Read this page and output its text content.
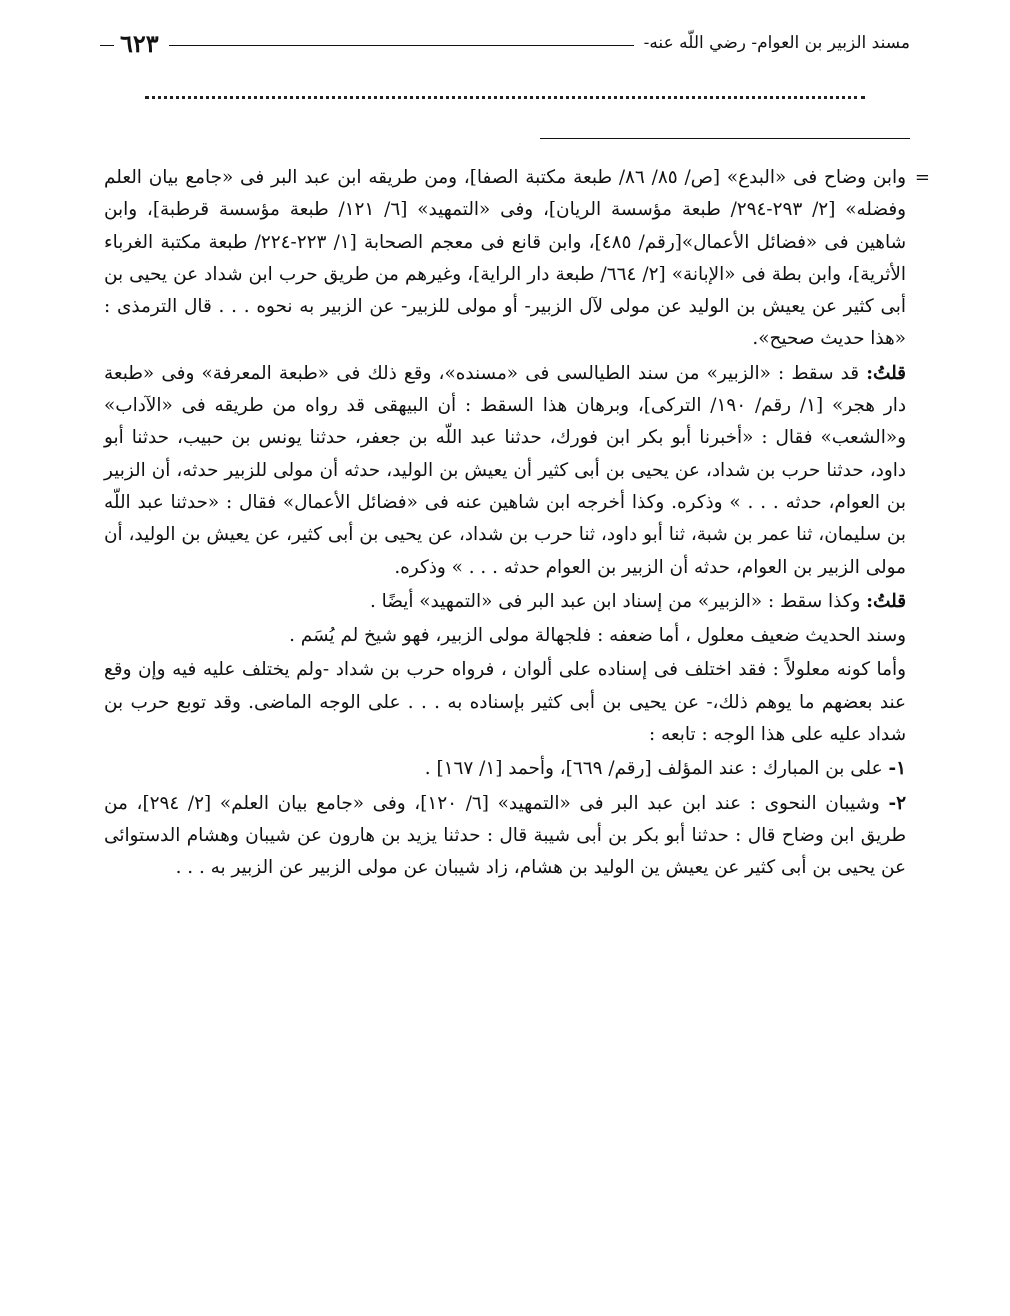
مسند الزبير بن العوام- رضي اللّه عنه-
٦٢٣

=
وابن وضاح فى «البدع» [ص/ ٨٥/ ٨٦/ طبعة مكتبة الصفا]، ومن طريقه ابن عبد البر فى «جامع بيان العلم وفضله» [٢/ ٢٩٣-٢٩٤/ طبعة مؤسسة الريان]، وفى «التمهيد» [٦/ ١٢١/ طبعة مؤسسة قرطبة]، وابن شاهين فى «فضائل الأعمال»[رقم/ ٤٨٥]، وابن قانع فى معجم الصحابة [١/ ٢٢٣-٢٢٤/ طبعة مكتبة الغرباء الأثرية]، وابن بطة فى «الإبانة» [٢/ ٦٦٤/ طبعة دار الراية]، وغيرهم من طريق حرب ابن شداد عن يحيى بن أبى كثير عن يعيش بن الوليد عن مولى لآل الزبير- أو مولى للزبير- عن الزبير به نحوه . . . قال الترمذى : «هذا حديث صحيح».

قلتُ: قد سقط : «الزبير» من سند الطيالسى فى «مسنده»، وقع ذلك فى «طبعة المعرفة» وفى «طبعة دار هجر» [١/ رقم/ ١٩٠/ التركى]، وبرهان هذا السقط : أن البيهقى قد رواه من طريقه فى «الآداب» و«الشعب» فقال : «أخبرنا أبو بكر ابن فورك، حدثنا عبد اللّه بن جعفر، حدثنا يونس بن حبيب، حدثنا أبو داود، حدثنا حرب بن شداد، عن يحيى بن أبى كثير أن يعيش بن الوليد، حدثه أن مولى للزبير حدثه، أن الزبير بن العوام، حدثه . . . » وذكره. وكذا أخرجه ابن شاهين عنه فى «فضائل الأعمال» فقال : «حدثنا عبد اللّه بن سليمان، ثنا عمر بن شبة، ثنا أبو داود، ثنا حرب بن شداد، عن يحيى بن أبى كثير، عن يعيش بن الوليد، أن مولى الزبير بن العوام، حدثه أن الزبير بن العوام حدثه . . . » وذكره.

قلتُ: وكذا سقط : «الزبير» من إسناد ابن عبد البر فى «التمهيد» أيضًا .

وسند الحديث ضعيف معلول ، أما ضعفه : فلجهالة مولى الزبير، فهو شيخ لم يُسَم .

وأما كونه معلولاً : فقد اختلف فى إسناده على ألوان ، فرواه حرب بن شداد -ولم يختلف عليه فيه وإن وقع عند بعضهم ما يوهم ذلك،- عن يحيى بن أبى كثير بإسناده به . . . على الوجه الماضى. وقد توبع حرب بن شداد عليه على هذا الوجه : تابعه :

١- على بن المبارك : عند المؤلف [رقم/ ٦٦٩]، وأحمد [١/ ١٦٧] .

٢- وشيبان النحوى : عند ابن عبد البر فى «التمهيد» [٦/ ١٢٠]، وفى «جامع بيان العلم» [٢/ ٢٩٤]، من طريق ابن وضاح قال : حدثنا أبو بكر بن أبى شيبة قال : حدثنا يزيد بن هارون عن شيبان وهشام الدستوائى عن يحيى بن أبى كثير عن يعيش ين الوليد بن هشام، زاد شيبان عن مولى الزبير عن الزبير به . . .
